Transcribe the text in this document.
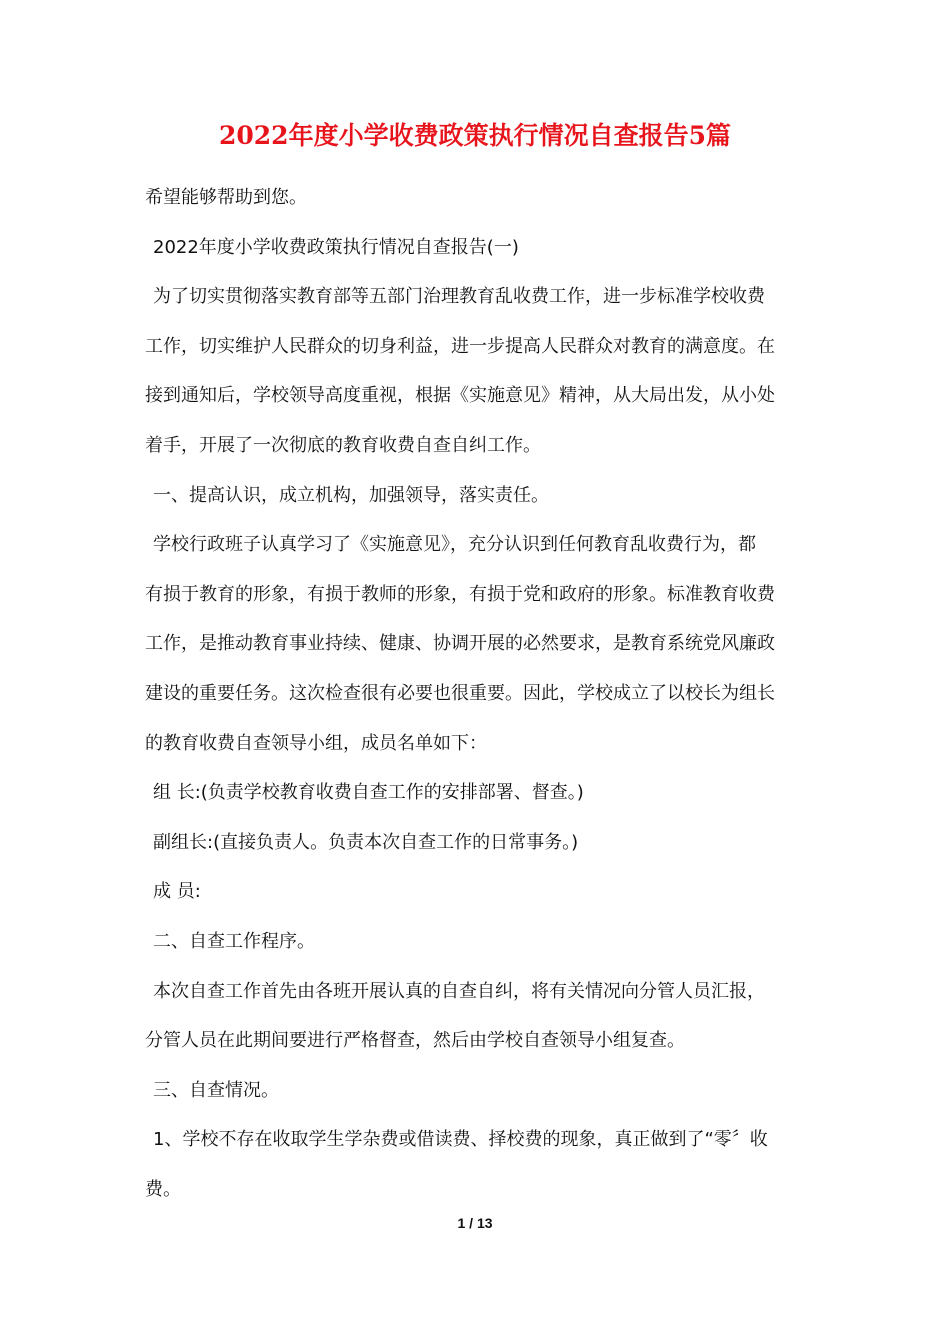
2022年度小学收费政策执行情况自查报告5篇
希望能够帮助到您。
2022年度小学收费政策执行情况自查报告(一)
为了切实贯彻落实教育部等五部门治理教育乱收费工作，进一步标准学校收费
工作，切实维护人民群众的切身利益，进一步提高人民群众对教育的满意度。在
接到通知后，学校领导高度重视，根据《实施意见》精神，从大局出发，从小处
着手，开展了一次彻底的教育收费自查自纠工作。
一、提高认识，成立机构，加强领导，落实责任。
学校行政班子认真学习了《实施意见》，充分认识到任何教育乱收费行为，都
有损于教育的形象，有损于教师的形象，有损于党和政府的形象。标准教育收费
工作，是推动教育事业持续、健康、协调开展的必然要求，是教育系统党风廉政
建设的重要任务。这次检查很有必要也很重要。因此，学校成立了以校长为组长
的教育收费自查领导小组，成员名单如下：
组 长:(负责学校教育收费自查工作的安排部署、督查。)
副组长:(直接负责人。负责本次自查工作的日常事务。)
成 员:
二、自查工作程序。
本次自查工作首先由各班开展认真的自查自纠，将有关情况向分管人员汇报，
分管人员在此期间要进行严格督查，然后由学校自查领导小组复查。
三、自查情况。
1、学校不存在收取学生学杂费或借读费、择校费的现象，真正做到了“零〞收
费。
1 / 13
